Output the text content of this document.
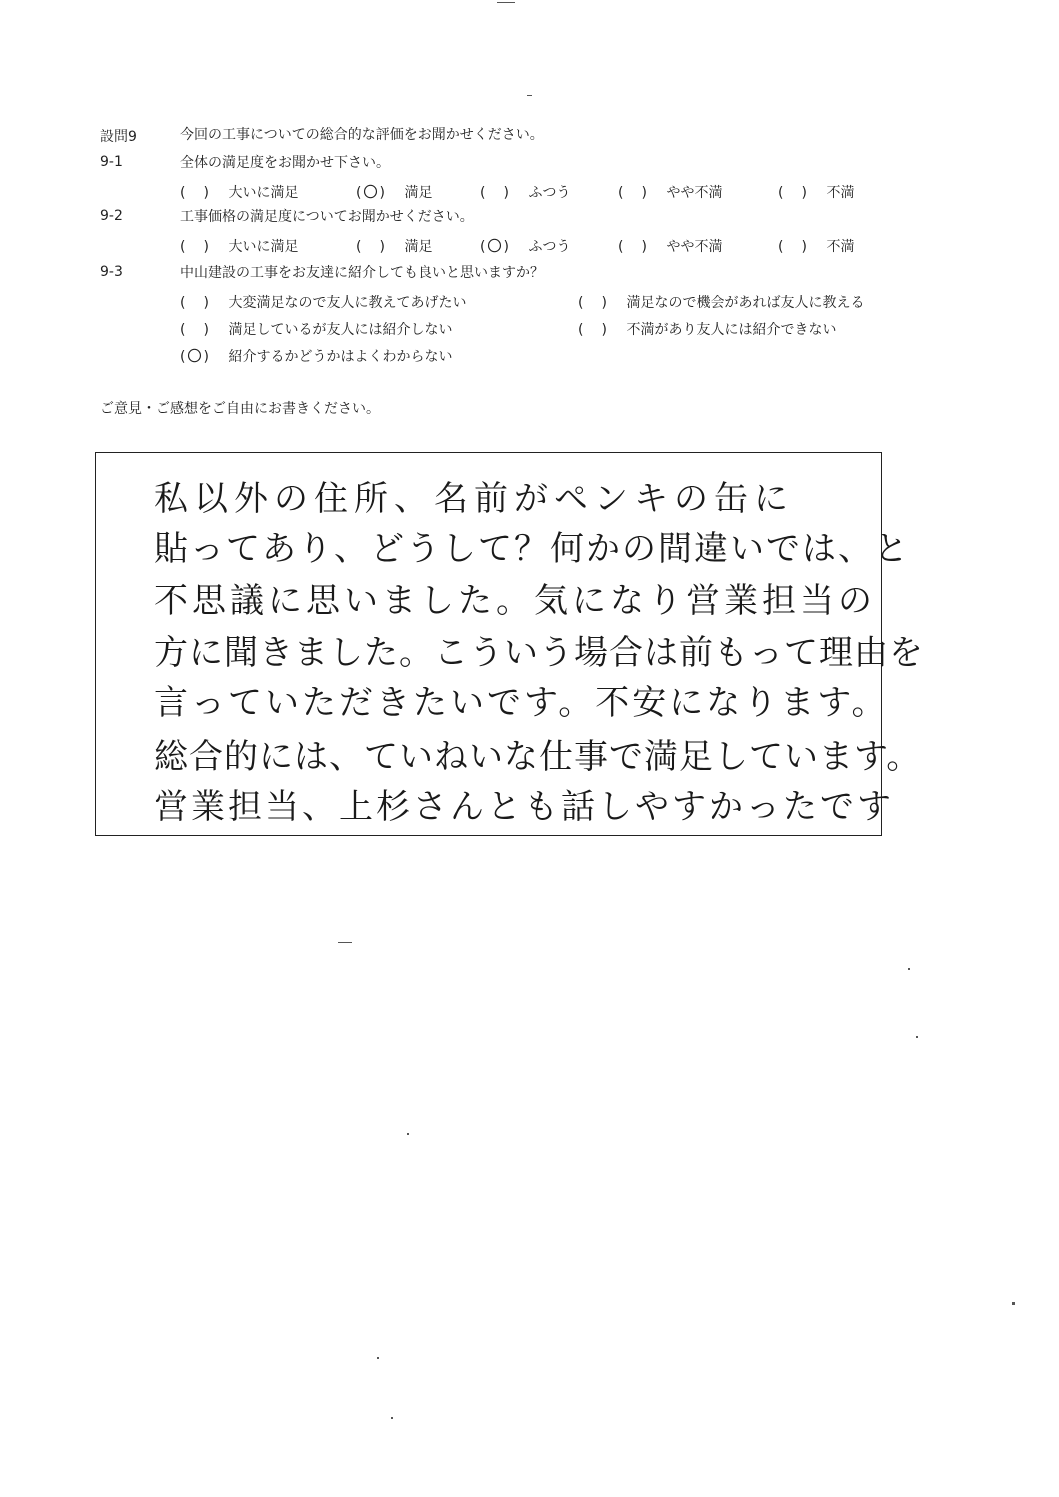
設問9	今回の工事についての総合的な評価をお聞かせください。
9-1	全体の満足度をお聞かせ下さい。
( ) 大いに満足	( 〇 ) 満足	( ) ふつう	( ) やや不満	( ) 不満
9-2	工事価格の満足度についてお聞かせください。
( ) 大いに満足	( ) 満足	( 〇 ) ふつう	( ) やや不満	( ) 不満
9-3	中山建設の工事をお友達に紹介しても良いと思いますか？
( ) 大変満足なので友人に教えてあげたい	( ) 満足なので機会があれば友人に教える
( ) 満足しているが友人には紹介しない	( ) 不満があり友人には紹介できない
( 〇 ) 紹介するかどうかはよくわからない
ご意見・ご感想をご自由にお書きください。
私以外の住所、名前がペンキの缶に
貼ってあり、どうして？何かの間違いでは、と
不思議に思いました。気になり営業担当の
方に聞きました。こういう場合は前もって理由を
言っていただきたいです。不安になります。
総合的には、ていねいな仕事で満足しています。
営業担当、上杉さんとも話しやすかったです
